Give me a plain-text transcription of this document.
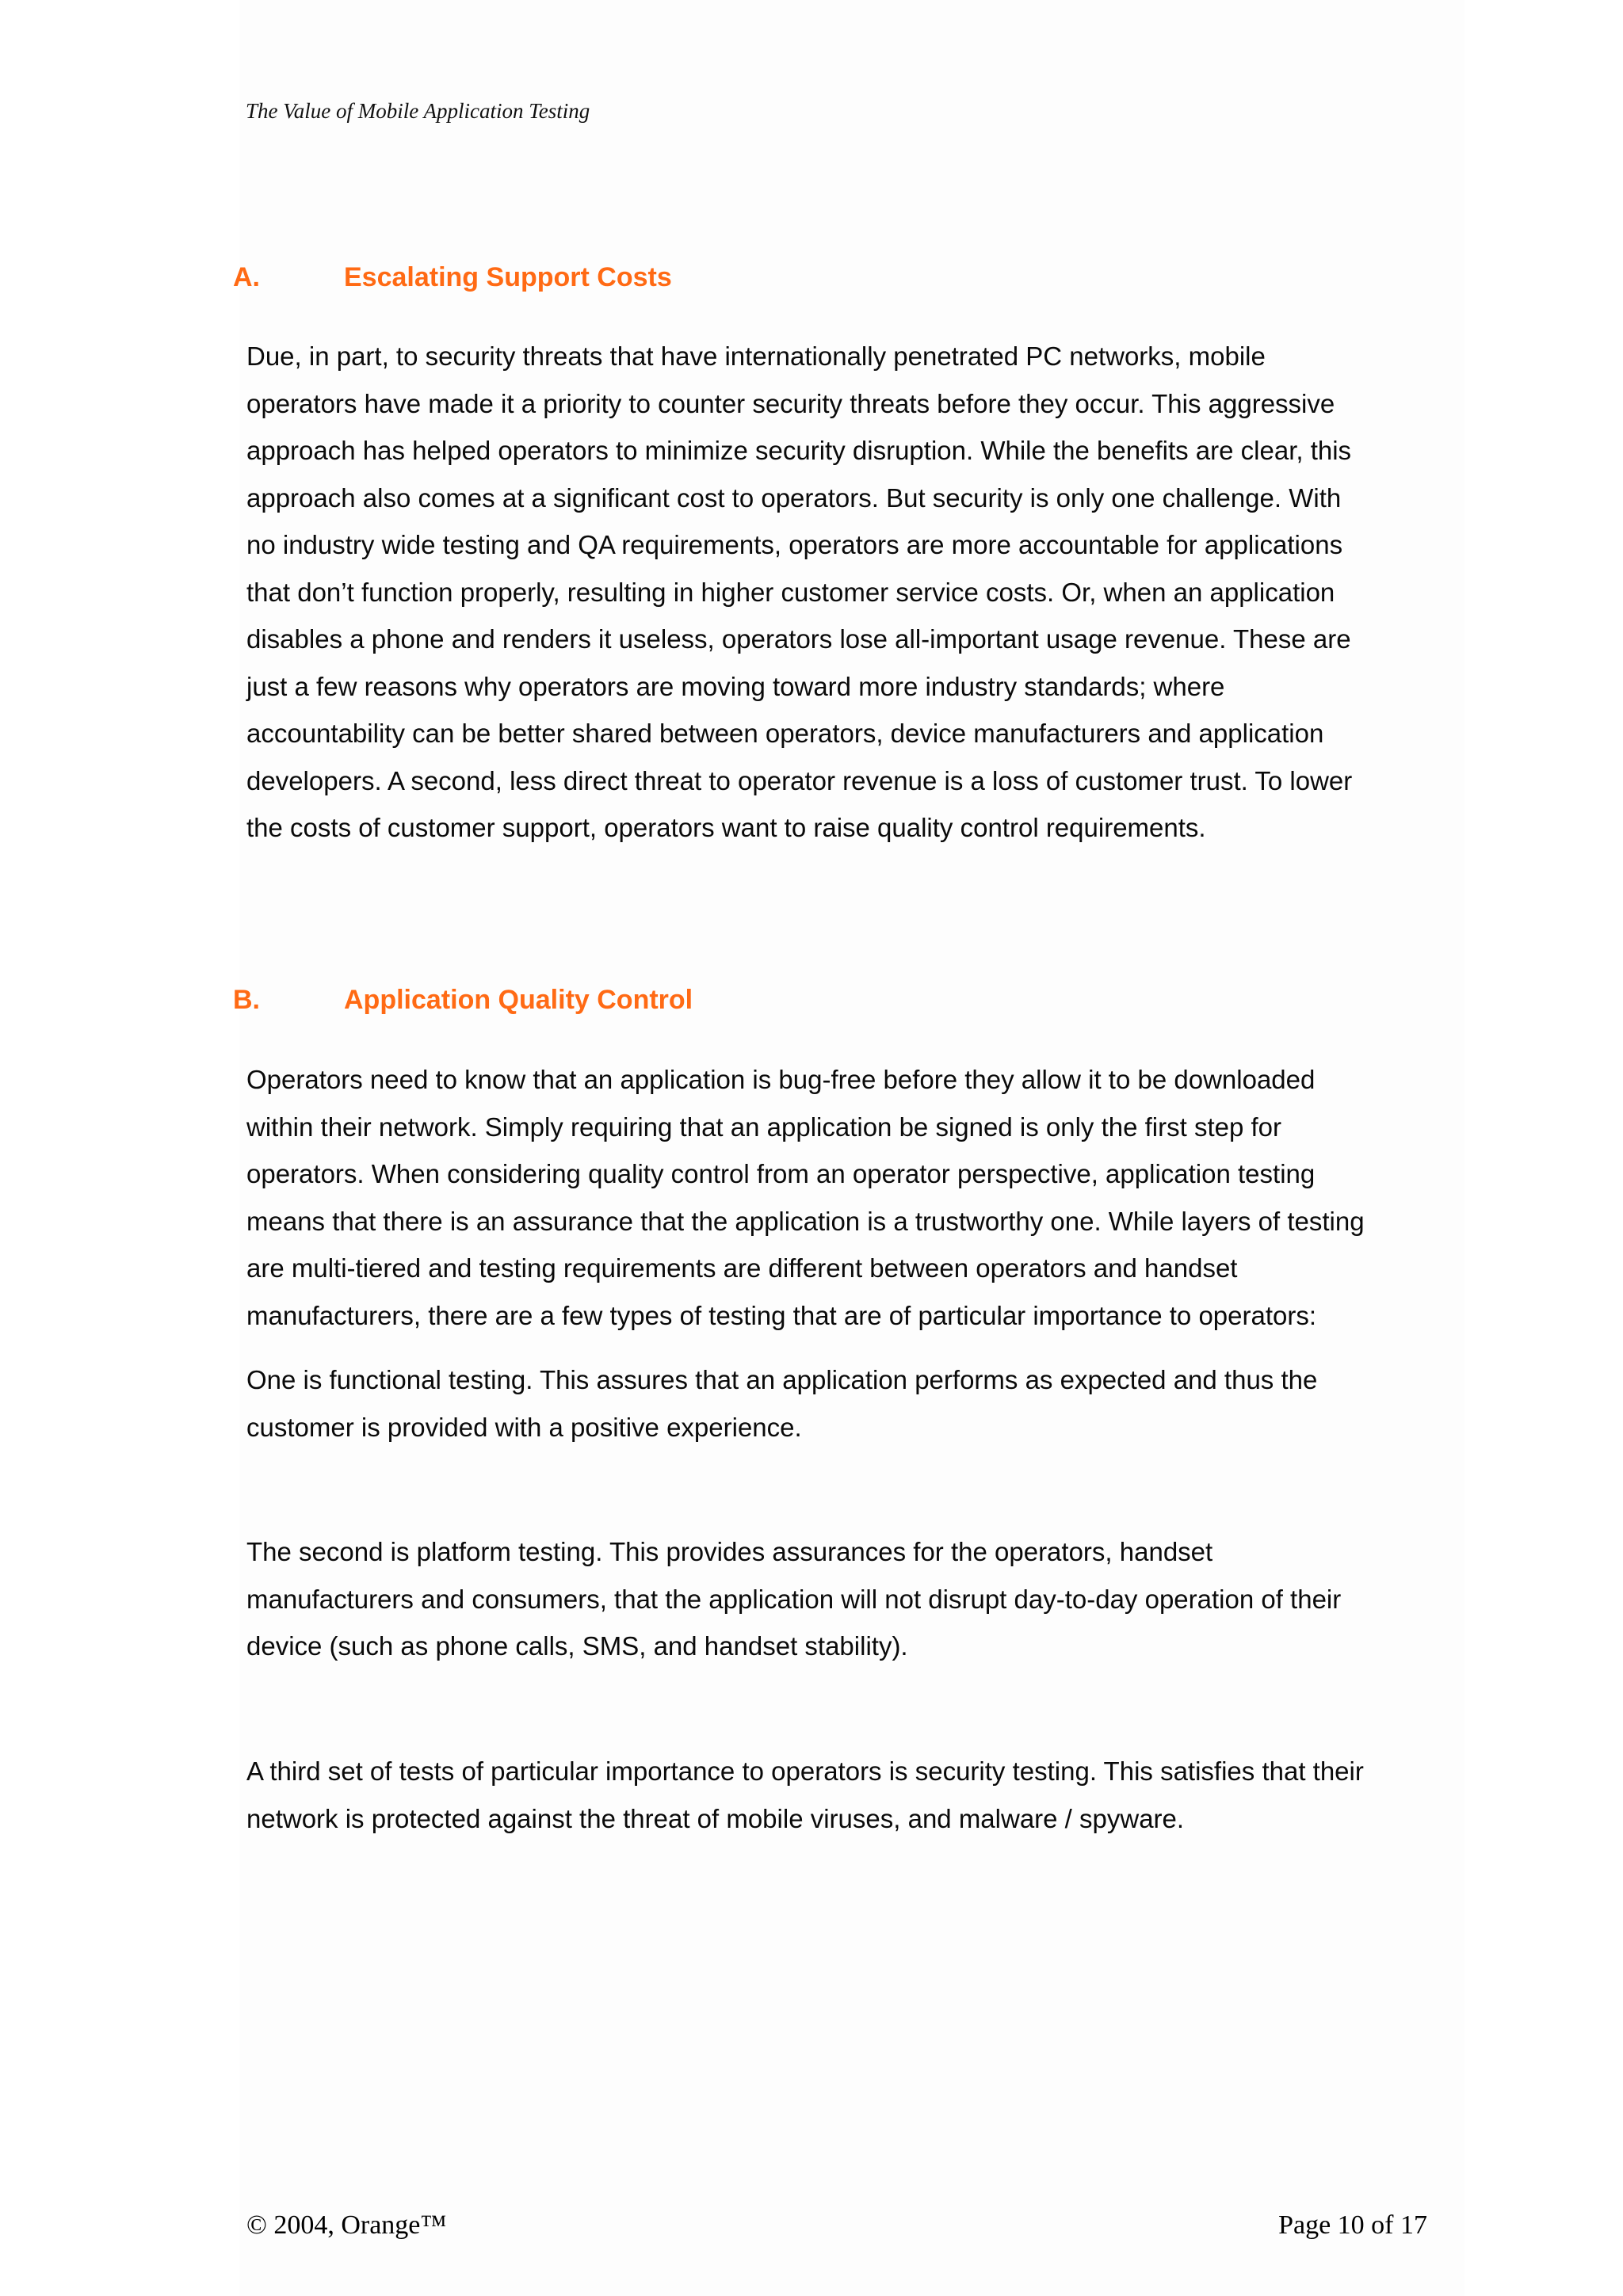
The Value of Mobile Application Testing
A.	Escalating Support Costs

Due, in part, to security threats that have internationally penetrated PC networks, mobile operators have made it a priority to counter security threats before they occur. This aggressive approach has helped operators to minimize security disruption. While the benefits are clear, this approach also comes at a significant cost to operators. But security is only one challenge. With no industry wide testing and QA requirements, operators are more accountable for applications that don’t function properly, resulting in higher customer service costs. Or, when an application disables a phone and renders it useless, operators lose all-important usage revenue. These are just a few reasons why operators are moving toward more industry standards; where accountability can be better shared between operators, device manufacturers and application developers. A second, less direct threat to operator revenue is a loss of customer trust. To lower the costs of customer support, operators want to raise quality control requirements.

B.	Application Quality Control

Operators need to know that an application is bug-free before they allow it to be downloaded within their network. Simply requiring that an application be signed is only the first step for operators. When considering quality control from an operator perspective, application testing means that there is an assurance that the application is a trustworthy one. While layers of testing are multi-tiered and testing requirements are different between operators and handset manufacturers, there are a few types of testing that are of particular importance to operators:

One is functional testing. This assures that an application performs as expected and thus the customer is provided with a positive experience.

The second is platform testing. This provides assurances for the operators, handset manufacturers and consumers, that the application will not disrupt day-to-day operation of their device (such as phone calls, SMS, and handset stability).

A third set of tests of particular importance to operators is security testing. This satisfies that their network is protected against the threat of mobile viruses, and malware / spyware.

© 2004, Orange™	Page 10 of 17
